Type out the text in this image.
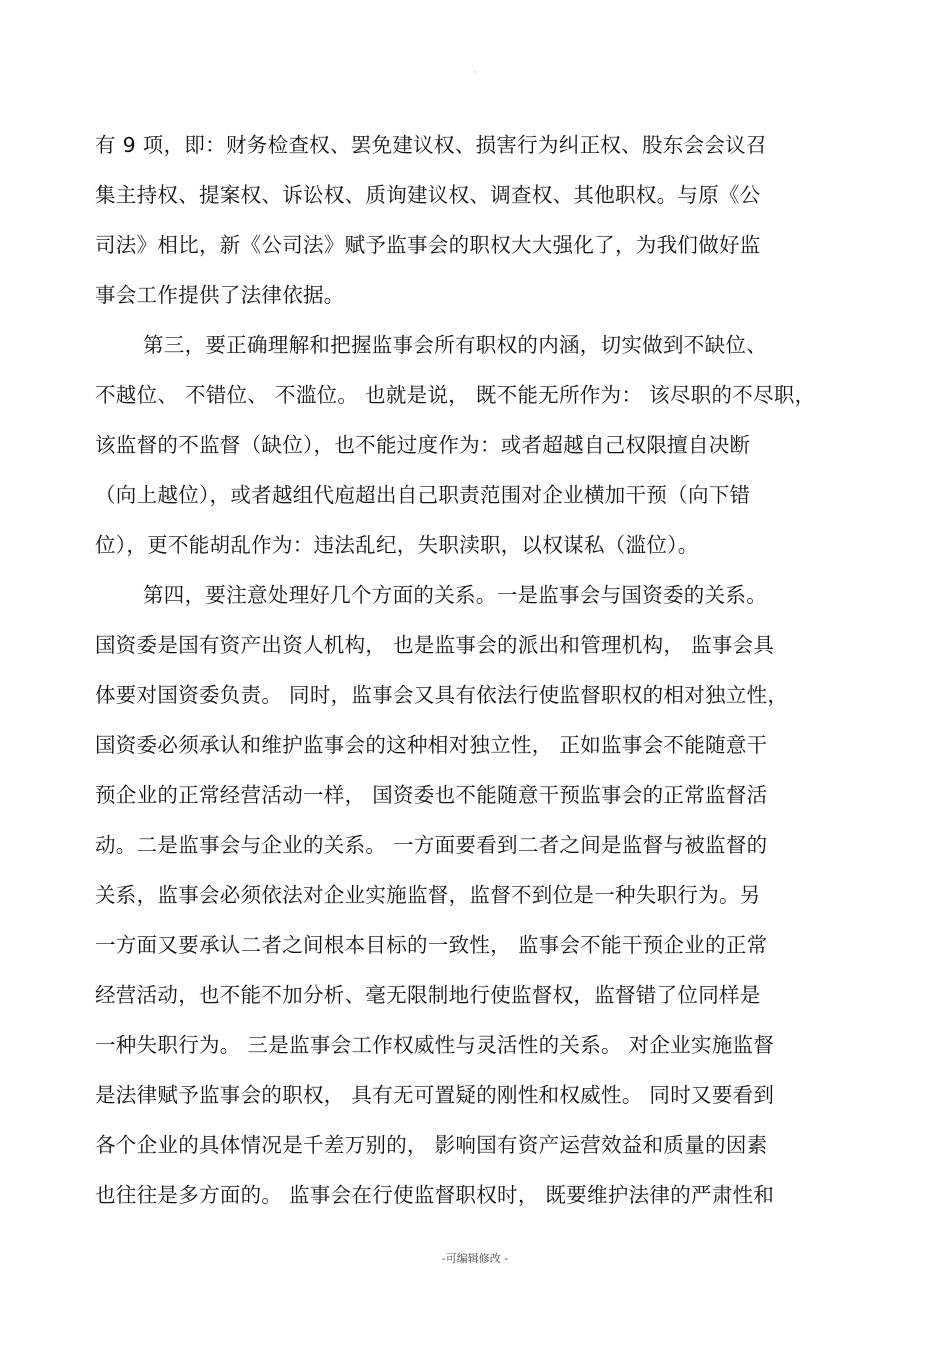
·
有 9 项，即：财务检查权、罢免建议权、损害行为纠正权、股东会会议召
集主持权、提案权、诉讼权、质询建议权、调查权、其他职权。与原《公
司法》相比，新《公司法》赋予监事会的职权大大强化了，为我们做好监
事会工作提供了法律依据。
第三，要正确理解和把握监事会所有职权的内涵，切实做到不缺位、
不越位、 不错位、 不滥位。 也就是说， 既不能无所作为： 该尽职的不尽职，
该监督的不监督（缺位），也不能过度作为：或者超越自己权限擅自决断
（向上越位），或者越组代庖超出自己职责范围对企业横加干预（向下错
位），更不能胡乱作为：违法乱纪，失职渎职，以权谋私（滥位）。
第四，要注意处理好几个方面的关系。一是监事会与国资委的关系。
国资委是国有资产出资人机构， 也是监事会的派出和管理机构， 监事会具
体要对国资委负责。 同时，监事会又具有依法行使监督职权的相对独立性，
国资委必须承认和维护监事会的这种相对独立性， 正如监事会不能随意干
预企业的正常经营活动一样， 国资委也不能随意干预监事会的正常监督活
动。二是监事会与企业的关系。 一方面要看到二者之间是监督与被监督的
关系，监事会必须依法对企业实施监督，监督不到位是一种失职行为。另
一方面又要承认二者之间根本目标的一致性， 监事会不能干预企业的正常
经营活动，也不能不加分析、毫无限制地行使监督权，监督错了位同样是
一种失职行为。 三是监事会工作权威性与灵活性的关系。 对企业实施监督
是法律赋予监事会的职权， 具有无可置疑的刚性和权威性。 同时又要看到
各个企业的具体情况是千差万别的， 影响国有资产运营效益和质量的因素
也往往是多方面的。 监事会在行使监督职权时， 既要维护法律的严肃性和
-可编辑修改 -
